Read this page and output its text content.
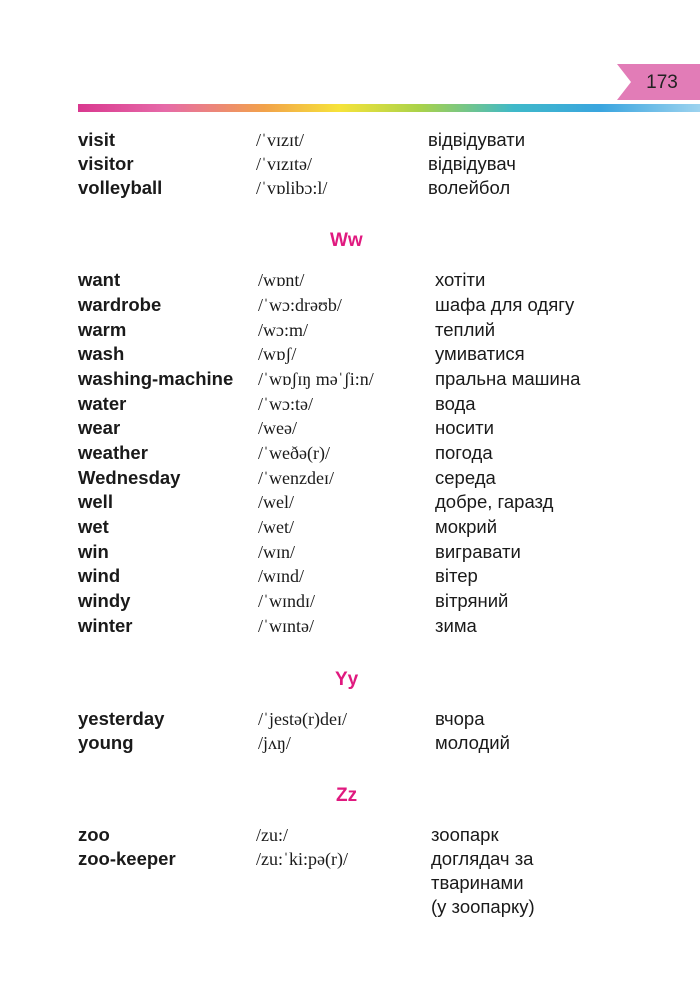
173
visit	/ˈvɪzɪt/	відвідувати
visitor	/ˈvɪzɪtə/	відвідувач
volleyball	/ˈvɒlibɔ:l/	волейбол
Ww
want	/wɒnt/	хотіти
wardrobe	/ˈwɔ:drəʊb/	шафа для одягу
warm	/wɔ:m/	теплий
wash	/wɒʃ/	умиватися
washing-machine /ˈwɒʃɪŋ məˈʃi:n/	пральна машина
water	/ˈwɔ:tə/	вода
wear	/weə/	носити
weather	/ˈweðə(r)/	погода
Wednesday	/ˈwenzdeɪ/	середа
well	/wel/	добре, гаразд
wet	/wet/	мокрий
win	/wɪn/	вигравати
wind	/wɪnd/	вітер
windy	/ˈwɪndɪ/	вітряний
winter	/ˈwɪntə/	зима
Yy
yesterday	/ˈjestə(r)deɪ/	вчора
young	/jʌŋ/	молодий
Zz
zoo	/zu:/	зоопарк
zoo-keeper	/zu:ˈki:pə(r)/	доглядач за
тваринами
(у зоопарку)
